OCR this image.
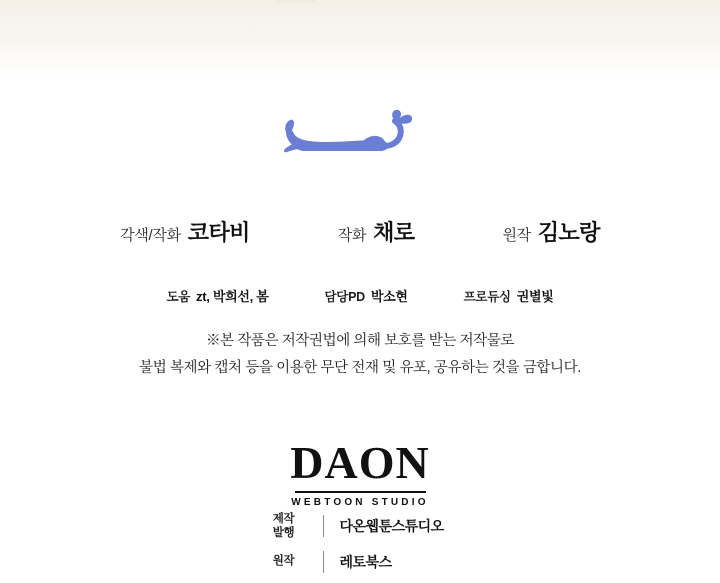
각색/작화 코타비	작화 채로	원작 김노랑
도움 zt, 박희선, 봄	담당PD 박소현	프로듀싱 권별빛
※본 작품은 저작권법에 의해 보호를 받는 저작물로
불법 복제와 캡처 등을 이용한 무단 전재 및 유포, 공유하는 것을 금합니다.
DAON
WEBTOON STUDIO
제작
발행	다온웹툰스튜디오
원작	레토북스
